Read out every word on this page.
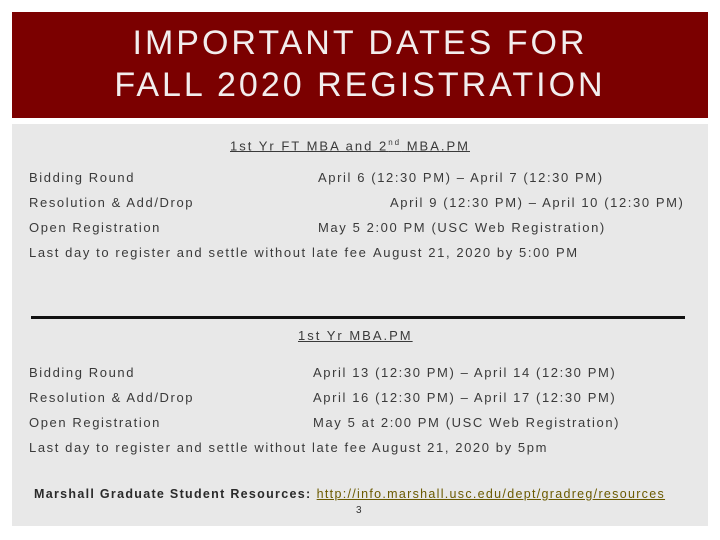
IMPORTANT DATES FOR
FALL 2020 REGISTRATION
1st Yr FT MBA and 2nd MBA.PM
Bidding Round	April 6 (12:30 PM) – April 7 (12:30 PM)
Resolution & Add/Drop	April 9 (12:30 PM) – April 10 (12:30 PM)
Open Registration	May 5 2:00 PM (USC Web Registration)
Last day to register and settle without late fee August 21, 2020 by 5:00 PM
1st Yr MBA.PM
Bidding Round	April 13 (12:30 PM) – April 14 (12:30 PM)
Resolution & Add/Drop	April 16 (12:30 PM) – April 17 (12:30 PM)
Open Registration	May 5 at 2:00 PM (USC Web Registration)
Last day to register and settle without late fee August 21, 2020 by 5pm
Marshall Graduate Student Resources: http://info.marshall.usc.edu/dept/gradreg/resources
3
